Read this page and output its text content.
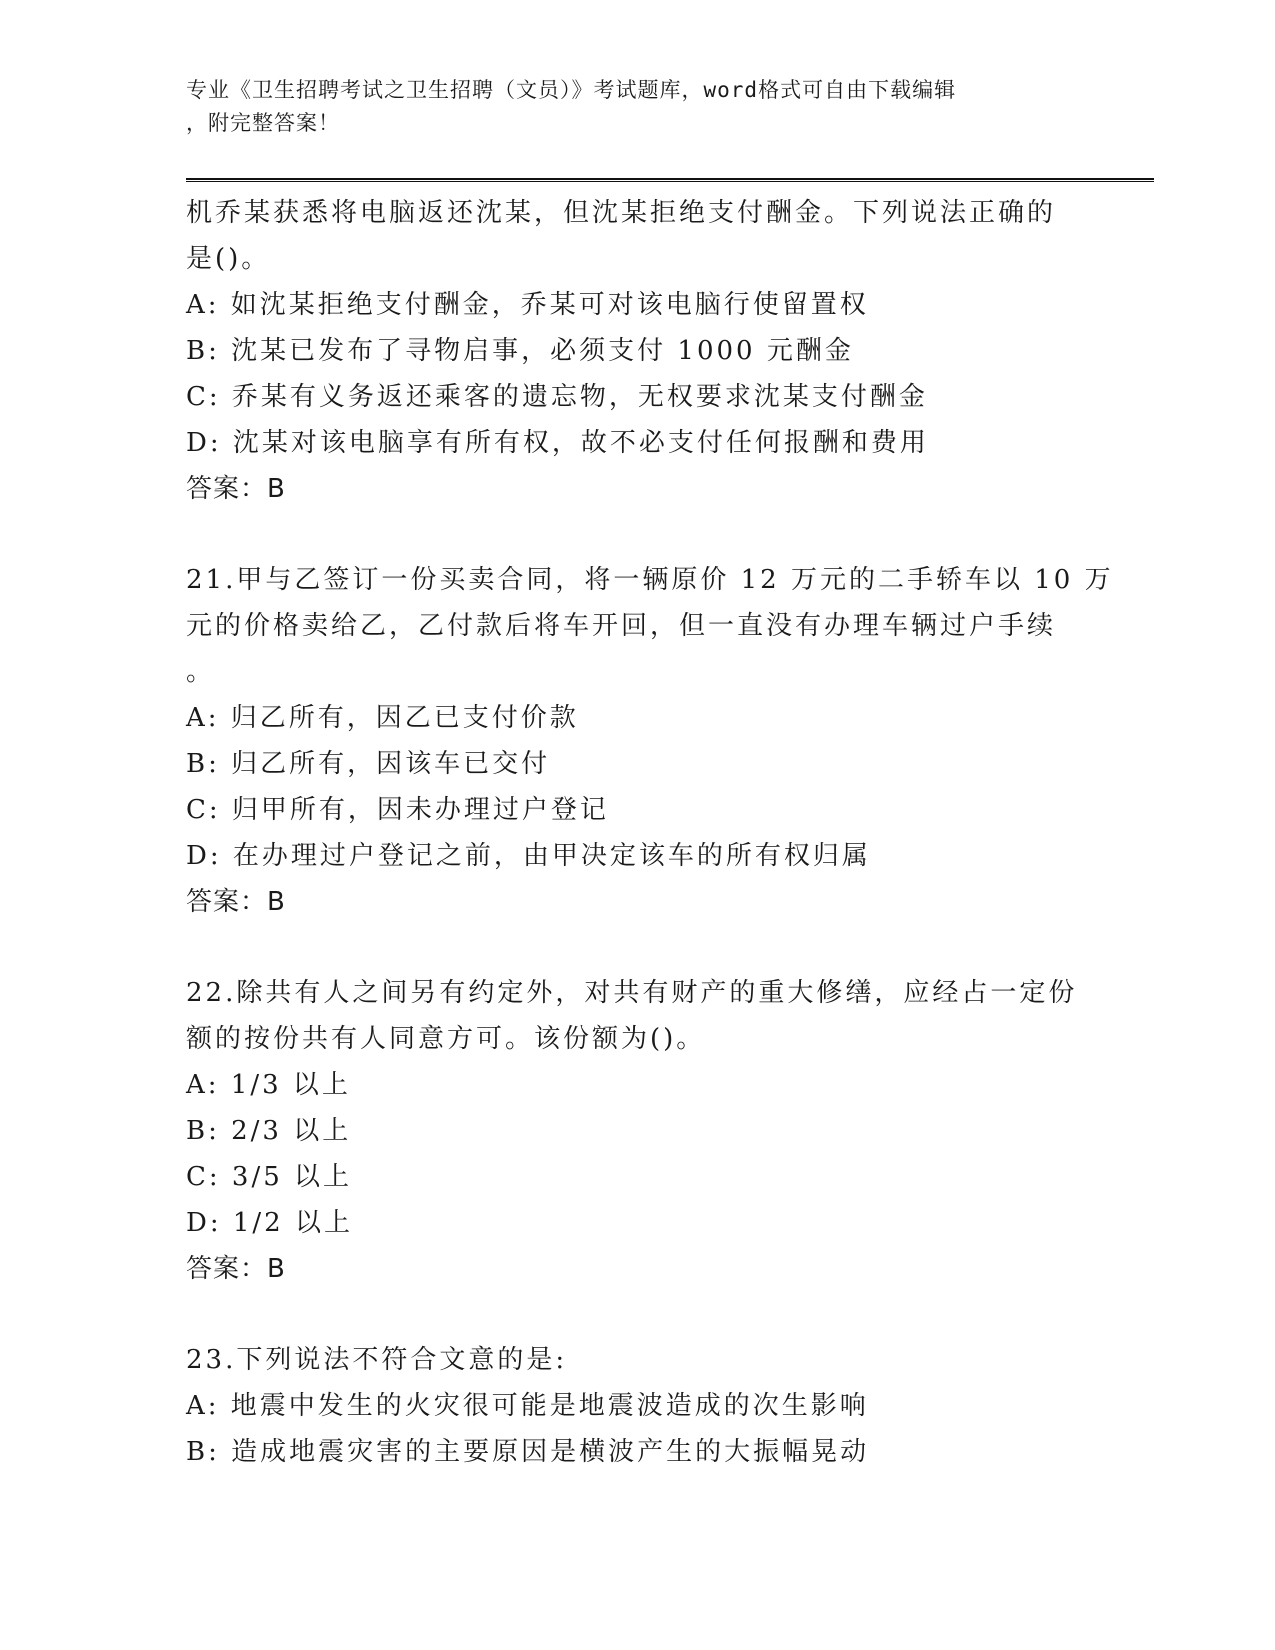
专业《卫生招聘考试之卫生招聘（文员）》考试题库，word格式可自由下载编辑
，附完整答案！
机乔某获悉将电脑返还沈某，但沈某拒绝支付酬金。下列说法正确的
是()。
A: 如沈某拒绝支付酬金，乔某可对该电脑行使留置权
B: 沈某已发布了寻物启事，必须支付 1000 元酬金
C: 乔某有义务返还乘客的遗忘物，无权要求沈某支付酬金
D: 沈某对该电脑享有所有权，故不必支付任何报酬和费用
答案：B
21.甲与乙签订一份买卖合同，将一辆原价 12 万元的二手轿车以 10 万
元的价格卖给乙，乙付款后将车开回，但一直没有办理车辆过户手续
。
A: 归乙所有，因乙已支付价款
B: 归乙所有，因该车已交付
C: 归甲所有，因未办理过户登记
D: 在办理过户登记之前，由甲决定该车的所有权归属
答案：B
22.除共有人之间另有约定外，对共有财产的重大修缮，应经占一定份
额的按份共有人同意方可。该份额为()。
A: 1/3 以上
B: 2/3 以上
C: 3/5 以上
D: 1/2 以上
答案：B
23.下列说法不符合文意的是:
A: 地震中发生的火灾很可能是地震波造成的次生影响
B: 造成地震灾害的主要原因是横波产生的大振幅晃动
